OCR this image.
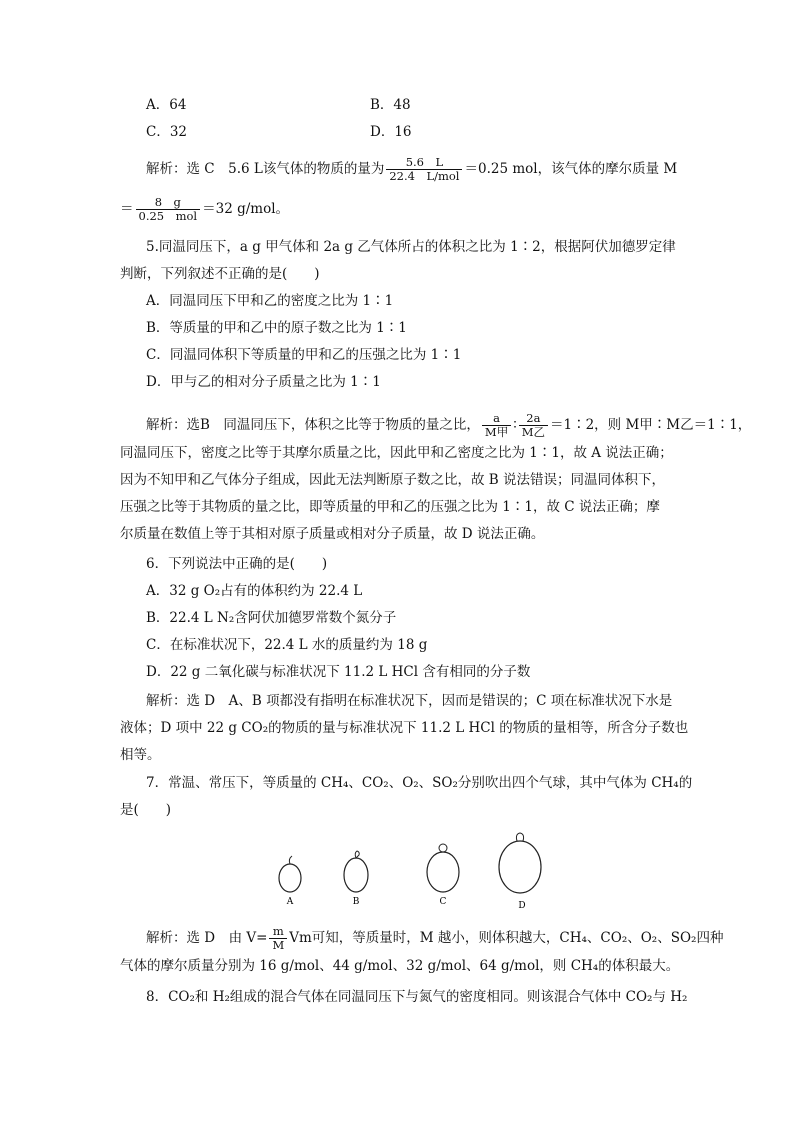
A．64	B．48
C．32	D．16
解析：选 C　5.6 L该气体的物质的量为 $\frac{5.6 L}{\text{22.4　L/mol}} =0.25$ mol，该气体的摩尔质量 M
＝ $\frac{8 g}{\text{0.25　mol}} =32$ g/mol。
5.同温同压下，a g 甲气体和 2a g 乙气体所占的体积之比为 1∶2，根据阿伏加德罗定律
判断，下列叙述不正确的是(　　)
A．同温同压下甲和乙的密度之比为 1∶1
B．等质量的甲和乙中的原子数之比为 1∶1
C．同温同体积下等质量的甲和乙的压强之比为 1∶1
D．甲与乙的相对分子质量之比为 1∶1
解析：选B　同温同压下，体积之比等于物质的量之比， $\frac{a}{\text{M甲}}$ ∶ $\frac{2a}{\text{M乙}}$ ＝1∶2，则 M甲∶M乙＝1∶1，
同温同压下，密度之比等于其摩尔质量之比，因此甲和乙密度之比为 1∶1，故 A 说法正确；
因为不知甲和乙气体分子组成，因此无法判断原子数之比，故 B 说法错误；同温同体积下，
压强之比等于其物质的量之比，即等质量的甲和乙的压强之比为 1∶1，故 C 说法正确；摩
尔质量在数值上等于其相对原子质量或相对分子质量，故 D 说法正确。
6．下列说法中正确的是(　　)
A．32 g O₂占有的体积约为 22.4 L
B．22.4 L N₂含阿伏加德罗常数个氮分子
C．在标准状况下，22.4 L 水的质量约为 18 g
D．22 g 二氧化碳与标准状况下 11.2 L HCl 含有相同的分子数
解析：选 D　A、B 项都没有指明在标准状况下，因而是错误的；C 项在标准状况下水是
液体；D 项中 22 g CO₂的物质的量与标准状况下 11.2 L HCl 的物质的量相等，所含分子数也
相等。
7．常温、常压下，等质量的 CH₄、CO₂、O₂、SO₂分别吹出四个气球，其中气体为 CH₄的
是(　　)
A	B	C	D
解析：选 D　由 $V= \frac{m}{M}$ Vm可知，等质量时，M 越小，则体积越大，CH₄、CO₂、O₂、SO₂四种
气体的摩尔质量分别为 16 g/mol、44 g/mol、32 g/mol、64 g/mol，则 CH₄的体积最大。
8．CO₂和 H₂组成的混合气体在同温同压下与氮气的密度相同。则该混合气体中 CO₂与 H₂
